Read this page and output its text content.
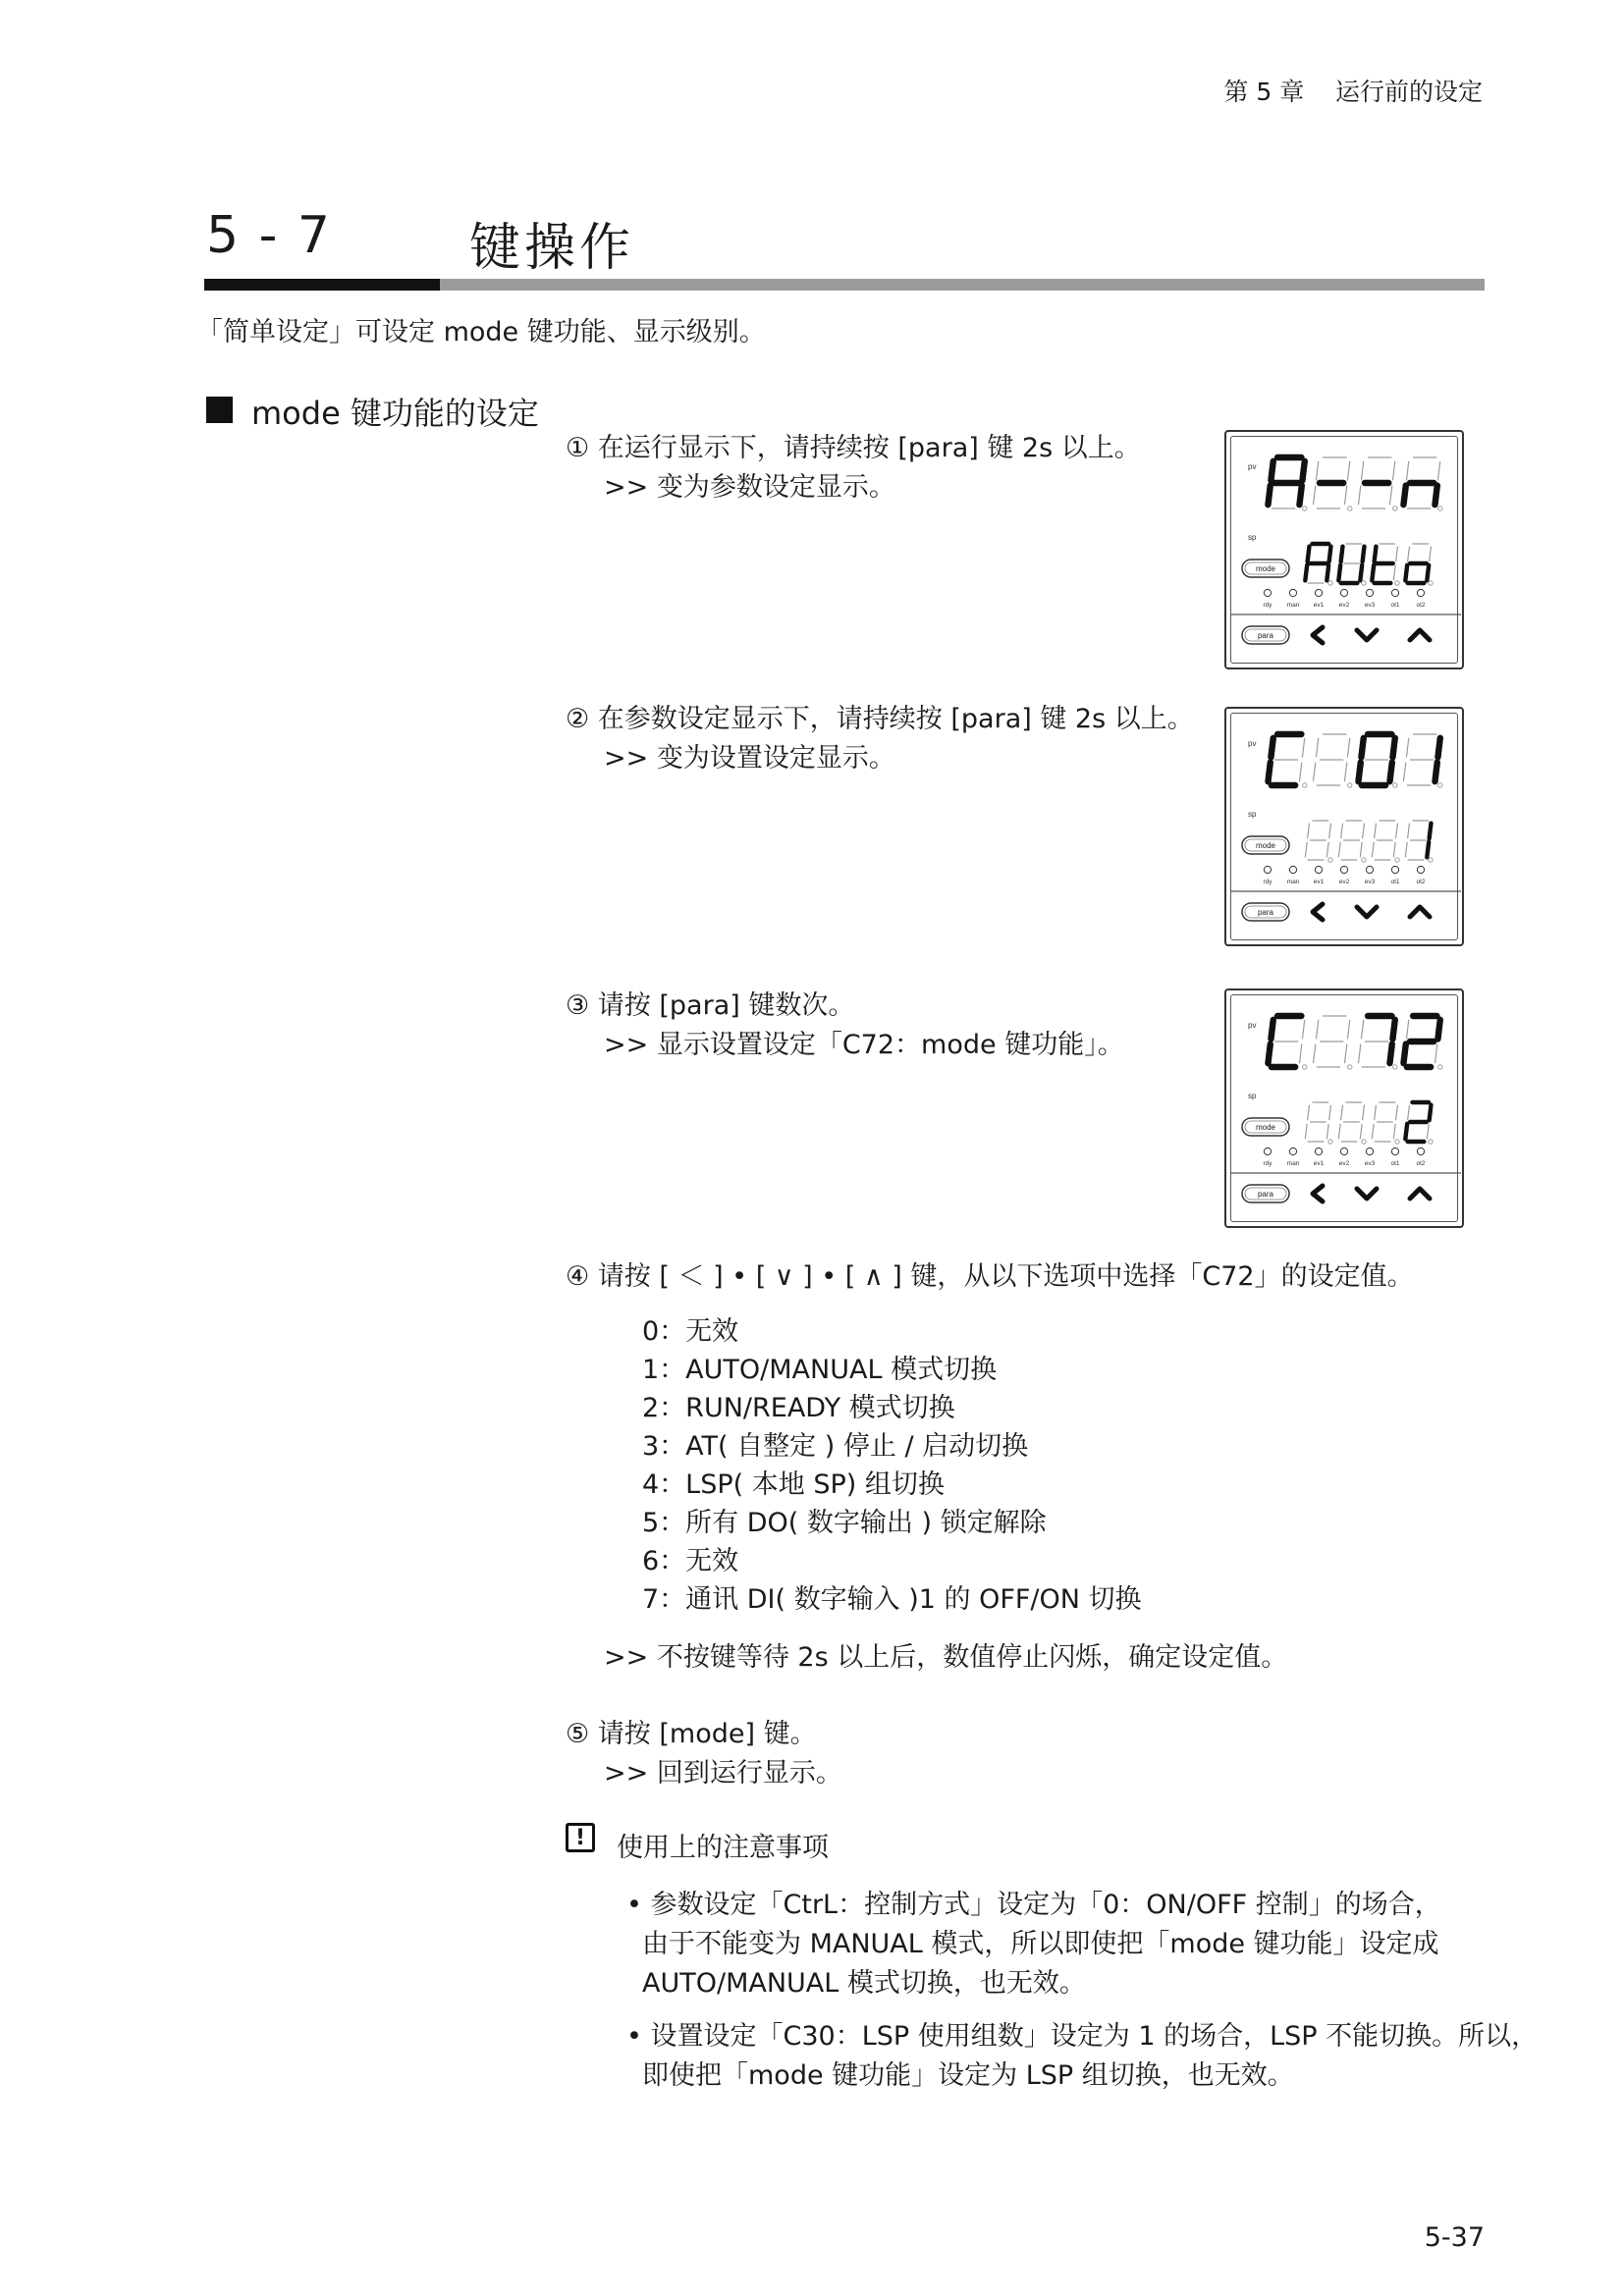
第 5 章    运行前的设定
5 - 7	键操作
「简单设定」可设定 mode 键功能、显示级别。
mode 键功能的设定
① 在运行显示下，请持续按 [para] 键 2s 以上。
>> 变为参数设定显示。
② 在参数设定显示下，请持续按 [para] 键 2s 以上。
>> 变为设置设定显示。
③ 请按 [para] 键数次。
>> 显示设置设定「C72：mode 键功能」。
④ 请按 [ ＜ ] • [ ∨ ] • [ ∧ ] 键，从以下选项中选择「C72」的设定值。
0：无效
1：AUTO/MANUAL 模式切换
2：RUN/READY 模式切换
3：AT( 自整定 ) 停止 / 启动切换
4：LSP( 本地 SP) 组切换
5：所有 DO( 数字输出 ) 锁定解除
6：无效
7：通讯 DI( 数字输入 )1 的 OFF/ON 切换
>> 不按键等待 2s 以上后，数值停止闪烁，确定设定值。
⑤ 请按 [mode] 键。
>> 回到运行显示。
!	使用上的注意事项
• 参数设定「CtrL：控制方式」设定为「0：ON/OFF 控制」的场合，
由于不能变为 MANUAL 模式，所以即使把「mode 键功能」设定成
AUTO/MANUAL 模式切换，也无效。
• 设置设定「C30：LSP 使用组数」设定为 1 的场合，LSP 不能切换。所以，
即使把「mode 键功能」设定为 LSP 组切换，也无效。
5-37
pv
sp
mode
rdy man ev1 ev2 ev3 ot1	ot2
para
pv
sp
mode
rdy man ev1 ev2 ev3 ot1	ot2
para
pv
sp
mode
rdy man ev1 ev2 ev3 ot1	ot2
para
